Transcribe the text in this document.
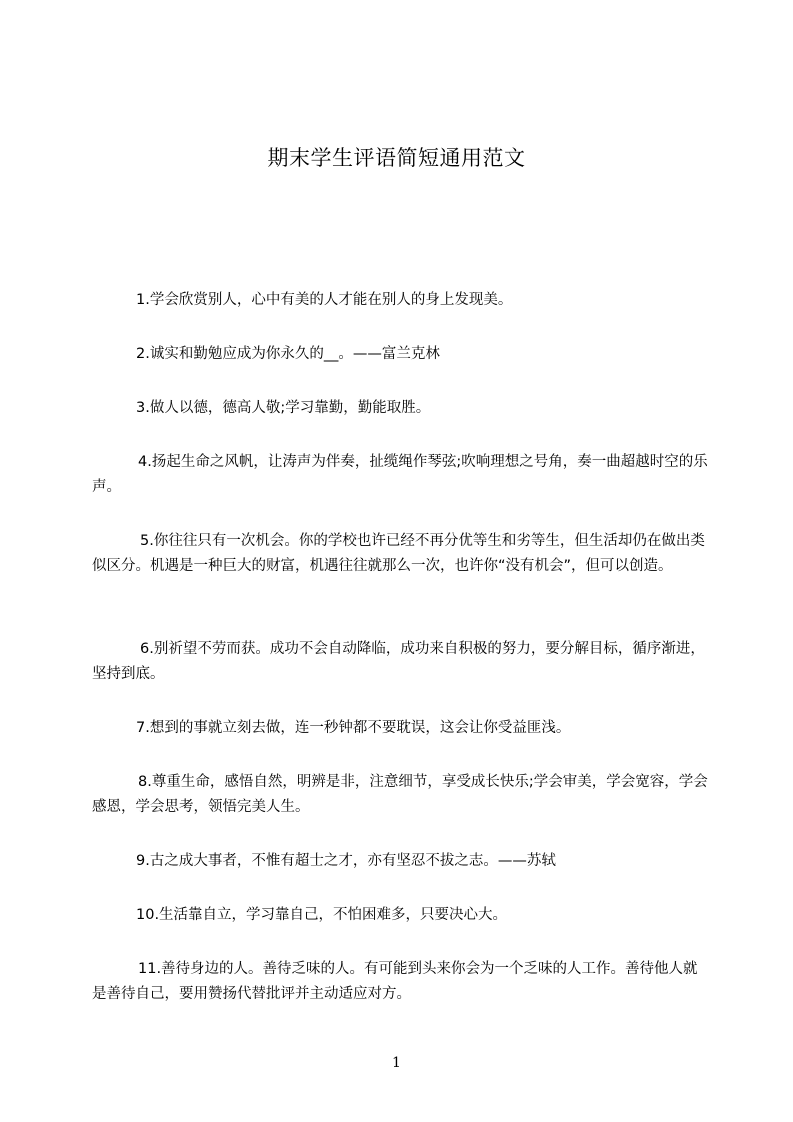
期末学生评语简短通用范文

1.学会欣赏别人，心中有美的人才能在别人的身上发现美。

2.诚实和勤勉应成为你永久的__。——富兰克林

3.做人以德，德高人敬;学习靠勤，勤能取胜。

4.扬起生命之风帆，让涛声为伴奏，扯缆绳作琴弦;吹响理想之号角，奏一曲超越时空的乐声。

5.你往往只有一次机会。你的学校也许已经不再分优等生和劣等生，但生活却仍在做出类似区分。机遇是一种巨大的财富，机遇往往就那么一次，也许你“没有机会”，但可以创造。

6.别祈望不劳而获。成功不会自动降临，成功来自积极的努力，要分解目标，循序渐进，坚持到底。

7.想到的事就立刻去做，连一秒钟都不要耽误，这会让你受益匪浅。

8.尊重生命，感悟自然，明辨是非，注意细节，享受成长快乐;学会审美，学会宽容，学会感恩，学会思考，领悟完美人生。

9.古之成大事者，不惟有超士之才，亦有坚忍不拔之志。——苏轼

10.生活靠自立，学习靠自己，不怕困难多，只要决心大。

11.善待身边的人。善待乏味的人。有可能到头来你会为一个乏味的人工作。善待他人就是善待自己，要用赞扬代替批评并主动适应对方。

1
